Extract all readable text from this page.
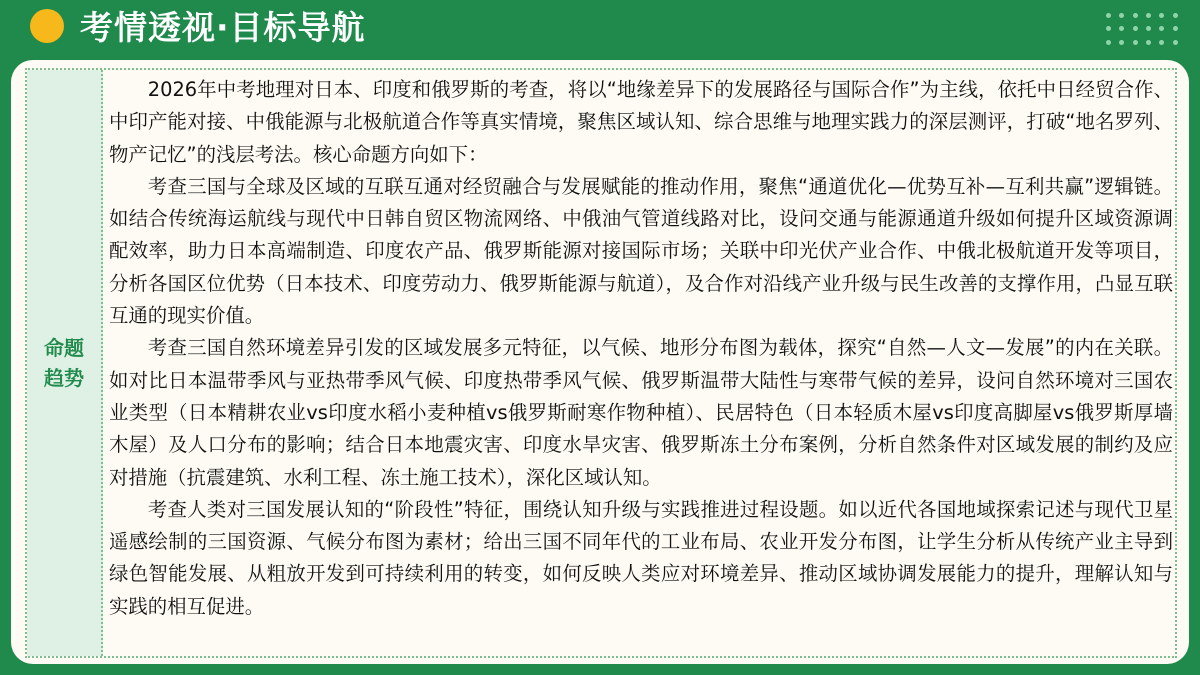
考情透视·目标导航
命题
趋势

2026年中考地理对日本、印度和俄罗斯的考查，将以“地缘差异下的发展路径与国际合作”为主线，依托中日经贸合作、中印产能对接、中俄能源与北极航道合作等真实情境，聚焦区域认知、综合思维与地理实践力的深层测评，打破“地名罗列、物产记忆”的浅层考法。核心命题方向如下：

考查三国与全球及区域的互联互通对经贸融合与发展赋能的推动作用，聚焦“通道优化—优势互补—互利共赢”逻辑链。如结合传统海运航线与现代中日韩自贸区物流网络、中俄油气管道线路对比，设问交通与能源通道升级如何提升区域资源调配效率，助力日本高端制造、印度农产品、俄罗斯能源对接国际市场；关联中印光伏产业合作、中俄北极航道开发等项目，分析各国区位优势（日本技术、印度劳动力、俄罗斯能源与航道），及合作对沿线产业升级与民生改善的支撑作用，凸显互联互通的现实价值。

考查三国自然环境差异引发的区域发展多元特征，以气候、地形分布图为载体，探究“自然—人文—发展”的内在关联。如对比日本温带季风与亚热带季风气候、印度热带季风气候、俄罗斯温带大陆性与寒带气候的差异，设问自然环境对三国农业类型（日本精耕农业vs印度水稻小麦种植vs俄罗斯耐寒作物种植）、民居特色（日本轻质木屋vs印度高脚屋vs俄罗斯厚墙木屋）及人口分布的影响；结合日本地震灾害、印度水旱灾害、俄罗斯冻土分布案例，分析自然条件对区域发展的制约及应对措施（抗震建筑、水利工程、冻土施工技术），深化区域认知。

考查人类对三国发展认知的“阶段性”特征，围绕认知升级与实践推进过程设题。如以近代各国地域探索记述与现代卫星遥感绘制的三国资源、气候分布图为素材；给出三国不同年代的工业布局、农业开发分布图，让学生分析从传统产业主导到绿色智能发展、从粗放开发到可持续利用的转变，如何反映人类应对环境差异、推动区域协调发展能力的提升，理解认知与实践的相互促进。
